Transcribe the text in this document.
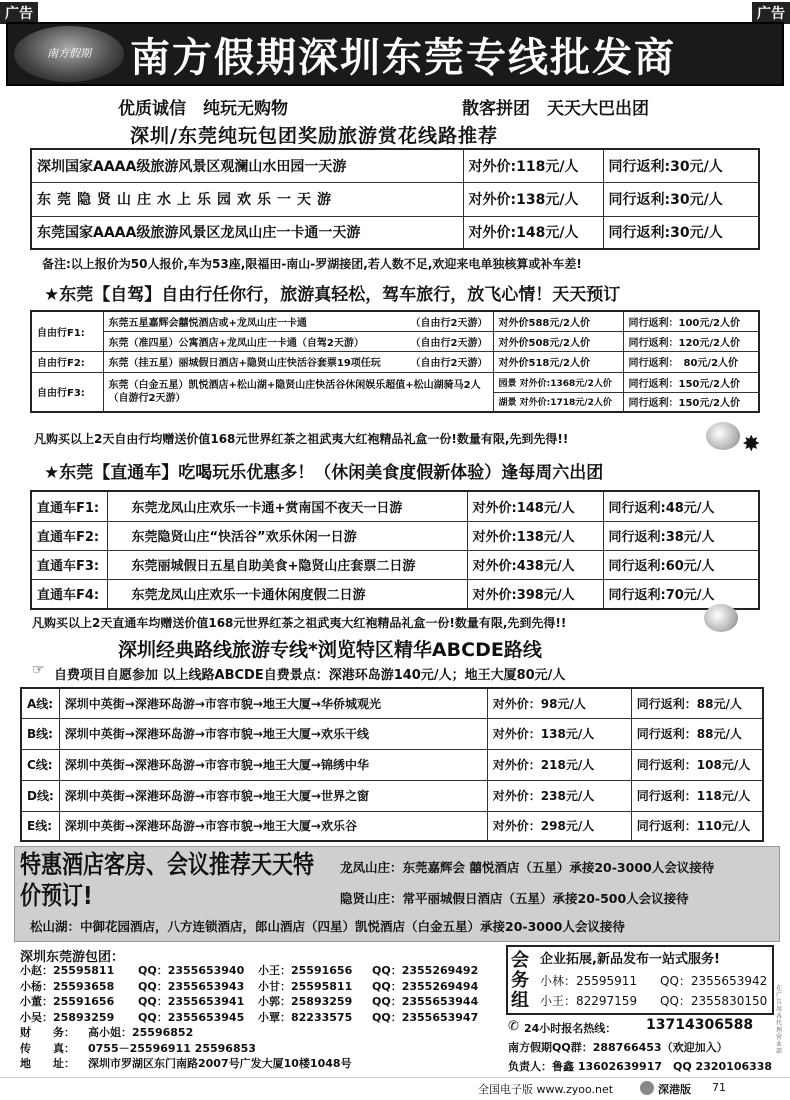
广告	广告
南方假期 南方假期深圳东莞专线批发商
优质诚信　纯玩无购物	散客拼团　天天大巴出团
深圳/东莞纯玩包团奖励旅游赏花线路推荐
深圳国家AAAA级旅游风景区观澜山水田园一天游	对外价:118元/人	同行返利:30元/人
东莞隐贤山庄水上乐园欢乐一天游	对外价:138元/人	同行返利:30元/人
东莞国家AAAA级旅游风景区龙凤山庄一卡通一天游	对外价:148元/人	同行返利:30元/人
备注:以上报价为50人报价,车为53座,限福田-南山-罗湖接团,若人数不足,欢迎来电单独核算或补车差!
★东莞【自驾】自由行任你行，旅游真轻松，驾车旅行，放飞心情！天天预订
自由行F1:	东莞五星嘉辉会囍悦酒店或+龙凤山庄一卡通 （自由行2天游）	对外价588元/2人价	同行返利：100元/2人价

	东莞（准四星）公寓酒店+龙凤山庄一卡通（自驾2天游） （自由行2天游）	对外价508元/2人价	同行返利：120元/2人价
自由行F2:	东莞（挂五星）丽城假日酒店+隐贤山庄快活谷套票19项任玩 （自由行2天游）	对外价518元/2人价	同行返利：　80元/2人价
自由行F3:	东莞（白金五星）凯悦酒店+松山湖+隐贤山庄快活谷休闲娱乐超值+松山湖骑马2人 （自游行2天游）	园景 对外价:1368元/2人价	同行返利：150元/2人价
		湖景 对外价:1718元/2人价	同行返利：150元/2人价
凡购买以上2天自由行均赠送价值168元世界红茶之祖武夷大红袍精品礼盒一份!数量有限,先到先得!!	✸
★东莞【直通车】吃喝玩乐优惠多！（休闲美食度假新体验）逢每周六出团
直通车F1:	东莞龙凤山庄欢乐一卡通+赏南国不夜天一日游	对外价:148元/人	同行返利:48元/人
直通车F2:	东莞隐贤山庄“快活谷”欢乐休闲一日游	对外价:138元/人	同行返利:38元/人
直通车F3:	东莞丽城假日五星自助美食+隐贤山庄套票二日游	对外价:438元/人	同行返利:60元/人
直通车F4:	东莞龙凤山庄欢乐一卡通休闲度假二日游	对外价:398元/人	同行返利:70元/人
凡购买以上2天直通车均赠送价值168元世界红茶之祖武夷大红袍精品礼盒一份!数量有限,先到先得!!
深圳经典路线旅游专线*浏览特区精华ABCDE路线
☞ 自费项目自愿参加 以上线路ABCDE自费景点：深港环岛游140元/人；地王大厦80元/人
A线:	深圳中英街→深港环岛游→市容市貌→地王大厦→华侨城观光	对外价：98元/人	同行返利：88元/人
B线:	深圳中英街→深港环岛游→市容市貌→地王大厦→欢乐干线	对外价：138元/人	同行返利：88元/人
C线:	深圳中英街→深港环岛游→市容市貌→地王大厦→锦绣中华	对外价：218元/人	同行返利：108元/人
D线:	深圳中英街→深港环岛游→市容市貌→地王大厦→世界之窗	对外价：238元/人	同行返利：118元/人
E线:	深圳中英街→深港环岛游→市容市貌→地王大厦→欢乐谷	对外价：298元/人	同行返利：110元/人
特惠酒店客房、会议推荐天天特价预订!
龙凤山庄：东莞嘉辉会 囍悦酒店（五星）承接20-3000人会议接待
隐贤山庄：常平丽城假日酒店（五星）承接20-500人会议接待
松山湖：中御花园酒店，八方连锁酒店，郎山酒店（四星）凯悦酒店（白金五星）承接20-3000人会议接待
深圳东莞游包团：
小赵：25595811	QQ：2355653940	小王：25591656	QQ：2355269492
小杨：25593658	QQ：2355653943	小甘：25595811	QQ：2355269494
小董：25591656	QQ：2355653941	小郭：25893259	QQ：2355653944
小吴：25893259	QQ：2355653945	小覃：82233575	QQ：2355653947
财　　务：	高小姐：25596852
传　　真：	0755－25596911 25596853
地　　址：	深圳市罗湖区东门南路2007号广发大厦10楼1048号
会务组
企业拓展,新品发布一站式服务!
小林：25595911 QQ：2355653942
小王：82297159 QQ：2355830150
✆ 24小时报名热线： 13714306588
南方假期QQ群：288766453（欢迎加入）
负责人：鲁鑫 13602639917　QQ 2320106338
在广告用各代理营业部
全国电子版 www.zyoo.net	深港版 71
